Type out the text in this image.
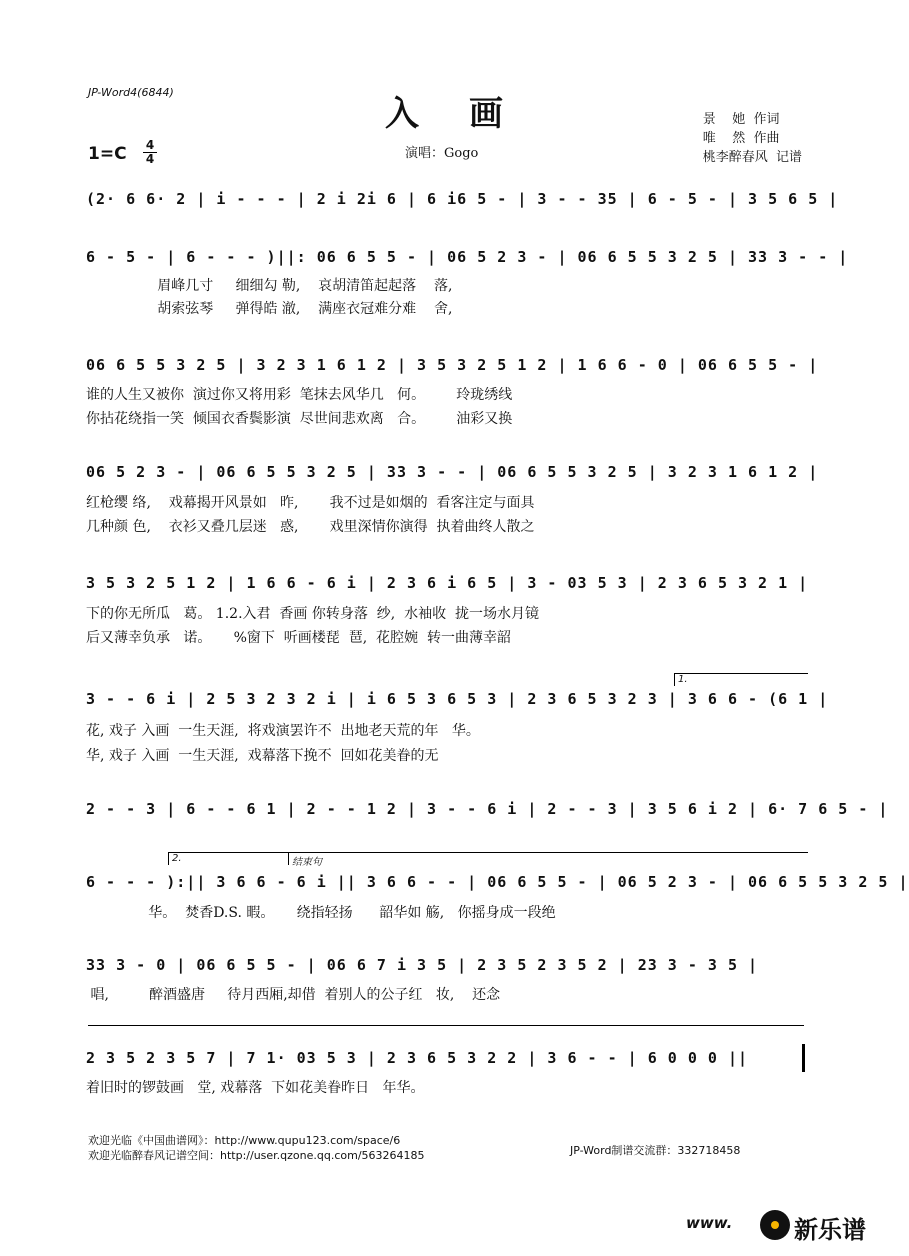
JP-Word4(6844)
入画	景    她  作词
唯    然  作曲
桃李醉春风  记谱
1=C 4
4	演唱：Gogo
(2· 6 6· 2 | i - - - | 2 i 2i 6 | 6 i6 5 - | 3 - - 35 | 6 - 5 - | 3 5 6 5 |
6 - 5 - | 6 - - - )||: 06 6 5 5 - | 06 5 2 3 - | 06 6 5 5 3 2 5 | 33 3 - - |
眉峰几寸     细细勾 勒,    哀胡清笛起起落    落,
胡索弦琴     弹得皓 澈,    满座衣冠难分难    舍,
06 6 5 5 3 2 5 | 3 2 3 1 6 1 2 | 3 5 3 2 5 1 2 | 1 6 6 - 0 | 06 6 5 5 - |
谁的人生又被你  演过你又将用彩  笔抹去风华几   何。       玲珑绣线
你拈花绕指一笑  倾国衣香鬓影演  尽世间悲欢离   合。       油彩又换
06 5 2 3 - | 06 6 5 5 3 2 5 | 33 3 - - | 06 6 5 5 3 2 5 | 3 2 3 1 6 1 2 |
红枪缨 络,    戏幕揭开风景如   昨,       我不过是如烟的  看客注定与面具
几种颜 色,    衣衫又叠几层迷   惑,       戏里深情你演得  执着曲终人散之
3 5 3 2 5 1 2 | 1 6 6 - 6 i | 2 3 6 i 6 5 | 3 - 03 5 3 | 2 3 6 5 3 2 1 |
下的你无所瓜   葛。 1.2.入君  香画 你转身落  纱,  水袖收  拢一场水月镜
后又薄幸负承   诺。     %窗下  听画楼琵  琶,  花腔婉  转一曲薄幸韶
3 - - 6 i | 2 5 3 2 3 2 i | i 6 5 3 6 5 3 | 2 3 6 5 3 2 3 | 3 6 6 - (6 1 |
花, 戏子 入画  一生天涯,  将戏演罢许不  出地老天荒的年   华。
华, 戏子 入画  一生天涯,  戏幕落下挽不  回如花美眷的无
1.
2 - - 3 | 6 - - 6 1 | 2 - - 1 2 | 3 - - 6 i | 2 - - 3 | 3 5 6 i 2 | 6· 7 6 5 - |
2.	结束句
6 - - - ):|| 3 6 6 - 6 i || 3 6 6 - - | 06 6 5 5 - | 06 5 2 3 - | 06 6 5 5 3 2 5 |
华。  焚香D.S. 暇。     绕指轻扬      韶华如 觞,   你摇身成一段绝
33 3 - 0 | 06 6 5 5 - | 06 6 7 i 3 5 | 2 3 5 2 3 5 2 | 23 3 - 3 5 |
唱,         醉酒盛唐     待月西厢,却借  着别人的公子红   妆,    还念
2 3 5 2 3 5 7 | 7 1· 03 5 3 | 2 3 6 5 3 2 2 | 3 6 - - | 6 0 0 0 ||
着旧时的锣鼓画   堂, 戏幕落  下如花美眷昨日   年华。
欢迎光临《中国曲谱网》：http://www.qupu123.com/space/6
欢迎光临醉春风记谱空间：http://user.qzone.qq.com/563264185	JP-Word制谱交流群：332718458
www.	新乐谱
